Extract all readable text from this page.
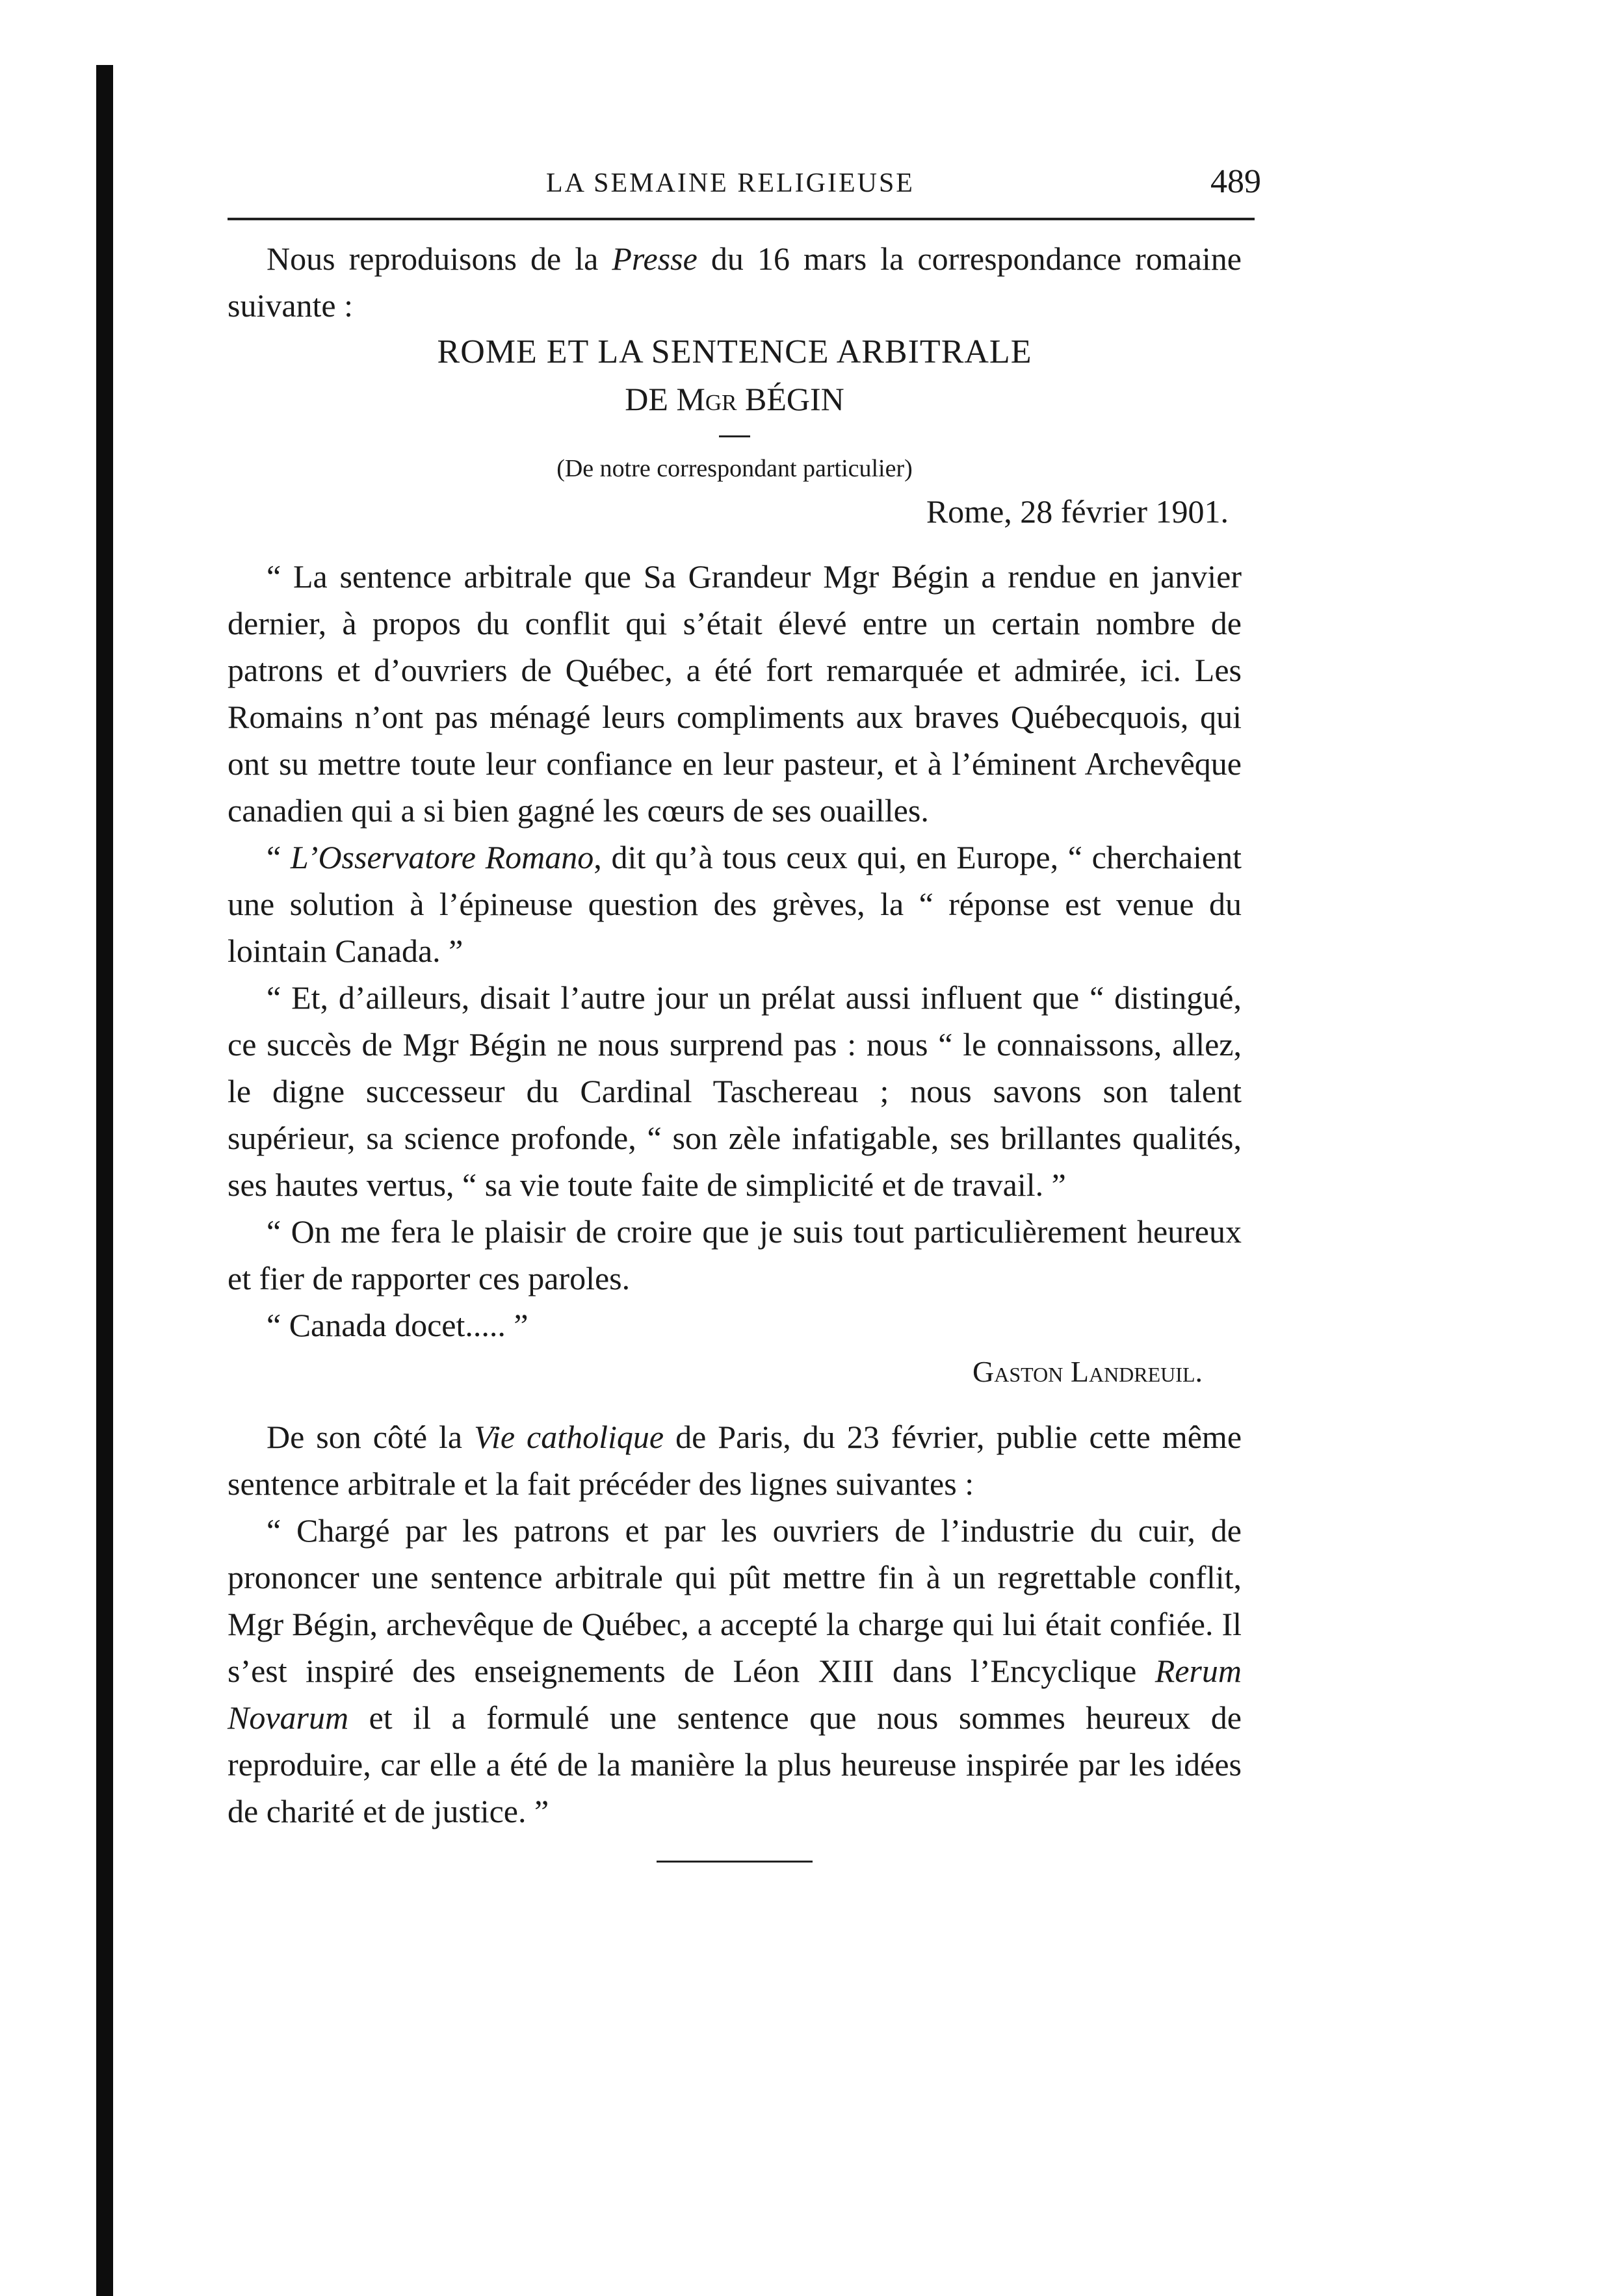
LA SEMAINE RELIGIEUSE	489

Nous reproduisons de la Presse du 16 mars la correspondance romaine suivante :

ROME ET LA SENTENCE ARBITRALE

DE Mgr BÉGIN

(De notre correspondant particulier)

Rome, 28 février 1901.

“ La sentence arbitrale que Sa Grandeur Mgr Bégin a rendue en janvier dernier, à propos du conflit qui s’était élevé entre un certain nombre de patrons et d’ouvriers de Québec, a été fort remarquée et admirée, ici. Les Romains n’ont pas ménagé leurs compliments aux braves Québecquois, qui ont su mettre toute leur confiance en leur pasteur, et à l’éminent Archevêque canadien qui a si bien gagné les cœurs de ses ouailles.

“ L’Osservatore Romano, dit qu’à tous ceux qui, en Europe, “ cherchaient une solution à l’épineuse question des grèves, la “ réponse est venue du lointain Canada. ”

“ Et, d’ailleurs, disait l’autre jour un prélat aussi influent que “ distingué, ce succès de Mgr Bégin ne nous surprend pas : nous “ le connaissons, allez, le digne successeur du Cardinal Taschereau ; nous savons son talent supérieur, sa science profonde, “ son zèle infatigable, ses brillantes qualités, ses hautes vertus, “ sa vie toute faite de simplicité et de travail. ”

“ On me fera le plaisir de croire que je suis tout particulièrement heureux et fier de rapporter ces paroles.

“ Canada docet..... ”

Gaston Landreuil.

De son côté la Vie catholique de Paris, du 23 février, publie cette même sentence arbitrale et la fait précéder des lignes suivantes :

“ Chargé par les patrons et par les ouvriers de l’industrie du cuir, de prononcer une sentence arbitrale qui pût mettre fin à un regrettable conflit, Mgr Bégin, archevêque de Québec, a accepté la charge qui lui était confiée. Il s’est inspiré des enseignements de Léon XIII dans l’Encyclique Rerum Novarum et il a formulé une sentence que nous sommes heureux de reproduire, car elle a été de la manière la plus heureuse inspirée par les idées de charité et de justice. ”
